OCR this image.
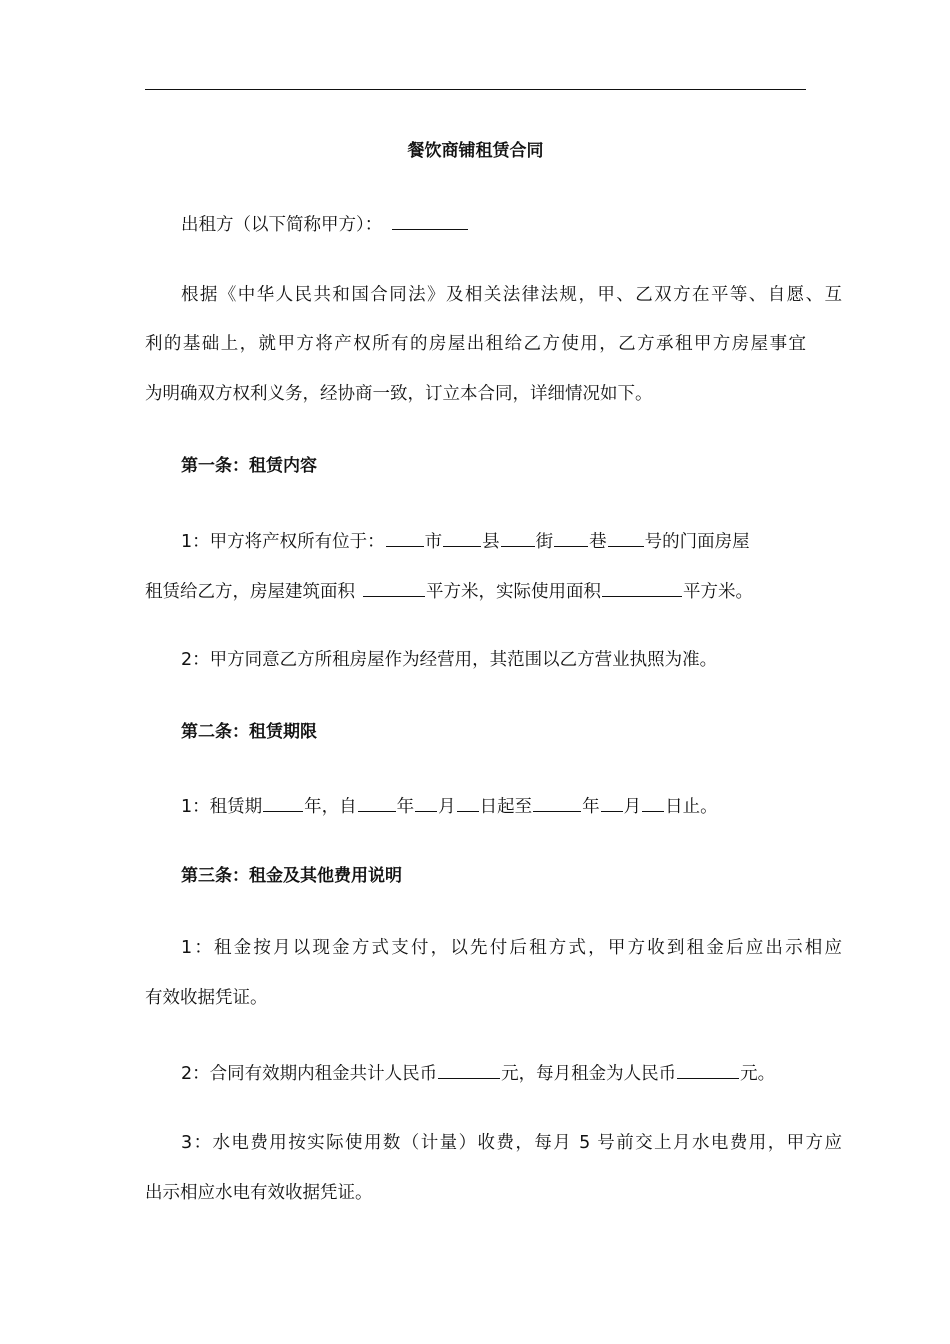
餐饮商铺租赁合同
出租方（以下简称甲方）：
根据《中华人民共和国合同法》及相关法律法规，甲、乙双方在平等、自愿、互
利的基础上，就甲方将产权所有的房屋出租给乙方使用，乙方承租甲方房屋事宜
为明确双方权利义务，经协商一致，订立本合同，详细情况如下。
第一条：租赁内容
1：甲方将产权所有位于： 市 县 街 巷 号的门面房屋
租赁给乙方，房屋建筑面积	平方米，实际使用面积	平方米。
2：甲方同意乙方所租房屋作为经营用，其范围以乙方营业执照为准。
第二条：租赁期限
1：租赁期 年，自 年 月 日起至	年 月 日止。
第三条：租金及其他费用说明
1：租金按月以现金方式支付，以先付后租方式，甲方收到租金后应出示相应
有效收据凭证。
2：合同有效期内租金共计人民币	元，每月租金为人民币	元。
3：水电费用按实际使用数（计量）收费，每月 5 号前交上月水电费用，甲方应
出示相应水电有效收据凭证。
